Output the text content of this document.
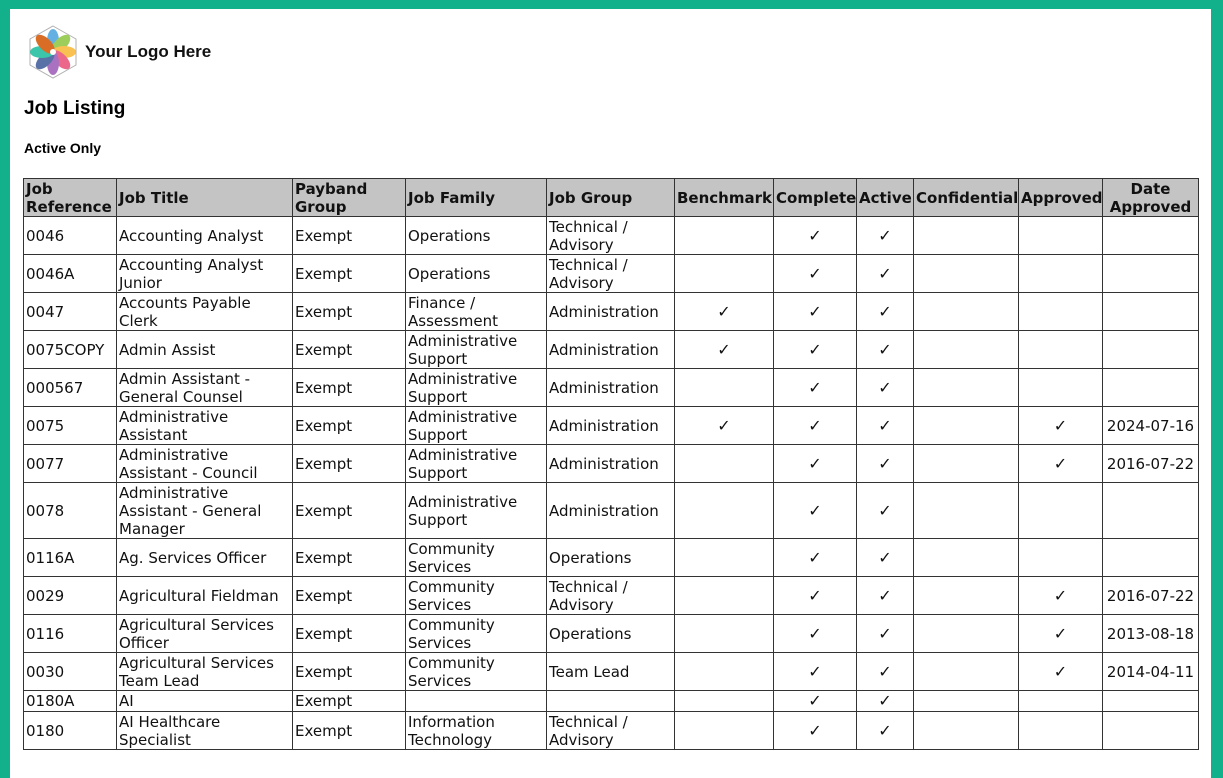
Your Logo Here
Job Listing
Active Only
Job Reference	Job Title	Payband Group	Job Family	Job Group	Benchmark	Complete	Active	Confidential	Approved	Date Approved
0046	Accounting Analyst	Exempt	Operations	Technical / Advisory		✓	✓			
0046A	Accounting Analyst Junior	Exempt	Operations	Technical / Advisory		✓	✓			
0047	Accounts Payable Clerk	Exempt	Finance / Assessment	Administration	✓	✓	✓			
0075COPY	Admin Assist	Exempt	Administrative Support	Administration	✓	✓	✓			
000567	Admin Assistant - General Counsel	Exempt	Administrative Support	Administration		✓	✓			
0075	Administrative Assistant	Exempt	Administrative Support	Administration	✓	✓	✓		✓	2024-07-16
0077	Administrative Assistant - Council	Exempt	Administrative Support	Administration		✓	✓		✓	2016-07-22
0078	Administrative Assistant - General Manager	Exempt	Administrative Support	Administration		✓	✓			
0116A	Ag. Services Officer	Exempt	Community Services	Operations		✓	✓			
0029	Agricultural Fieldman	Exempt	Community Services	Technical / Advisory		✓	✓		✓	2016-07-22
0116	Agricultural Services Officer	Exempt	Community Services	Operations		✓	✓		✓	2013-08-18
0030	Agricultural Services Team Lead	Exempt	Community Services	Team Lead		✓	✓		✓	2014-04-11
0180A	AI	Exempt				✓	✓			
0180	AI Healthcare Specialist	Exempt	Information Technology	Technical / Advisory		✓	✓			
